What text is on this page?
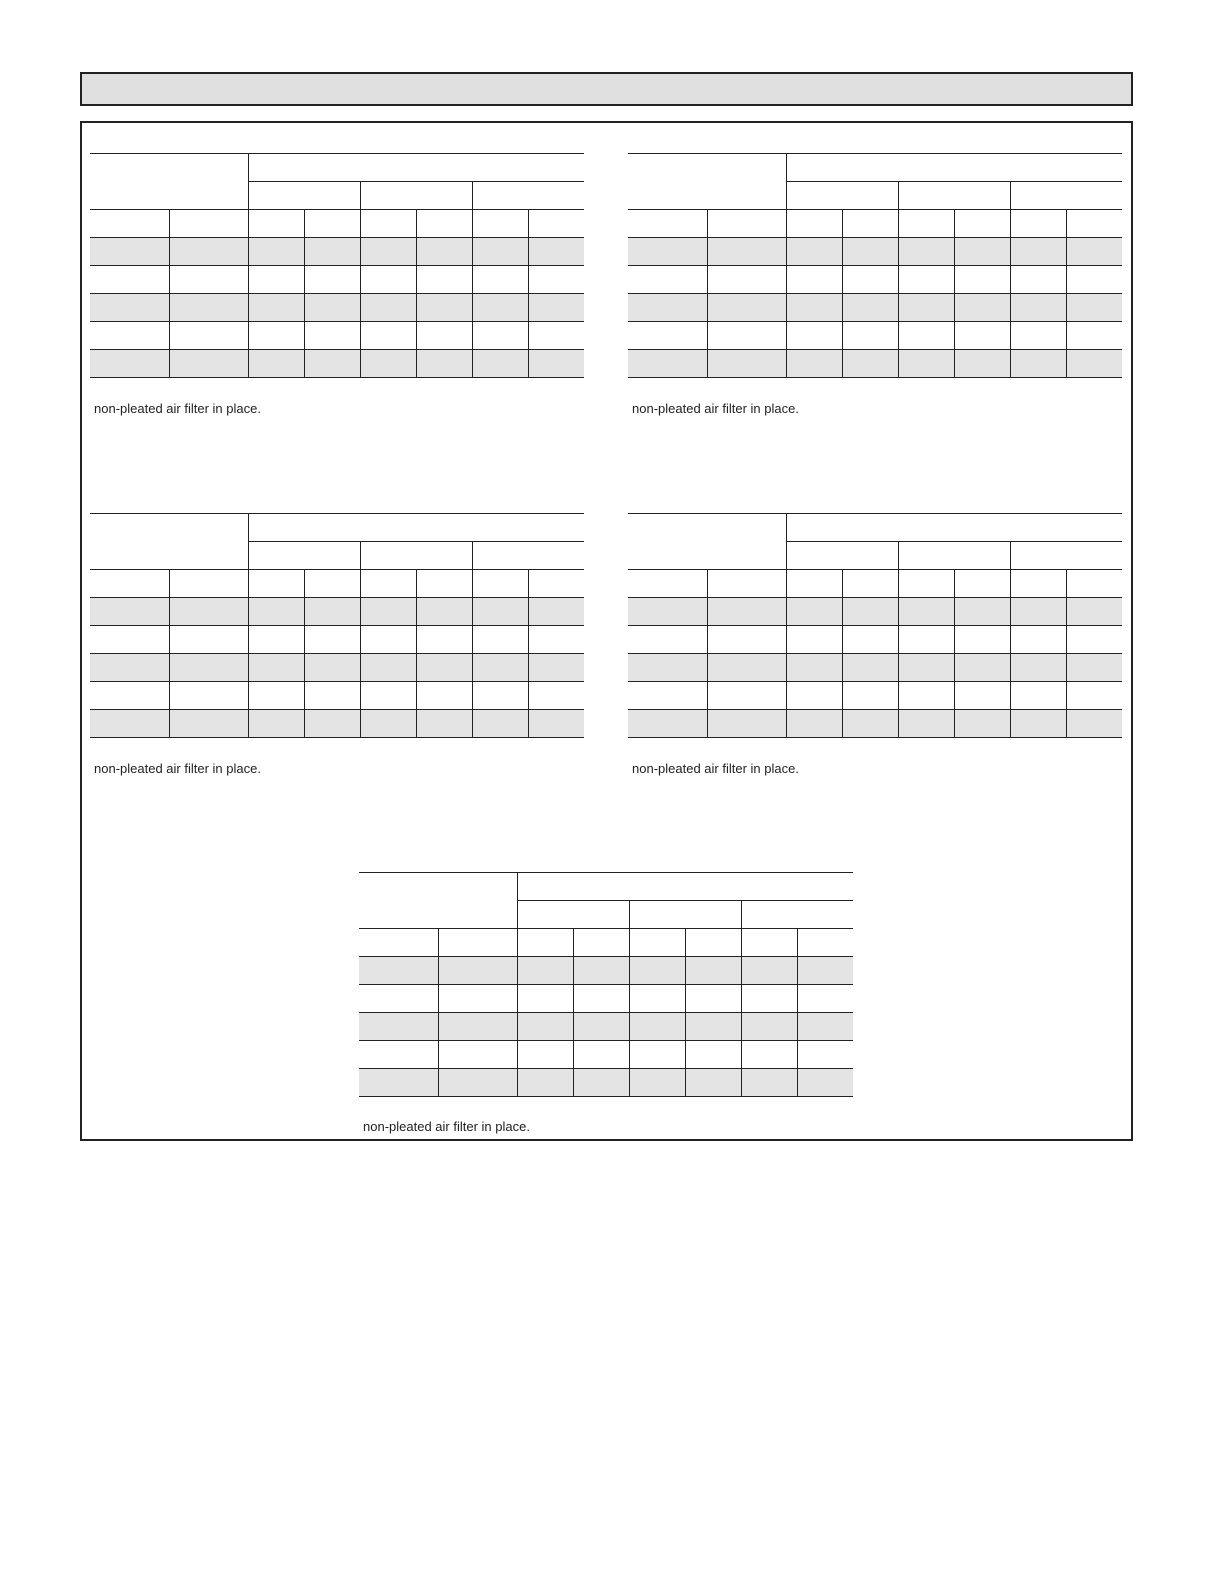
non-pleated air filter in place.

								non-pleated air filter in place.

non-pleated air filter in place.

								non-pleated air filter in place.

non-pleated air filter in place.
